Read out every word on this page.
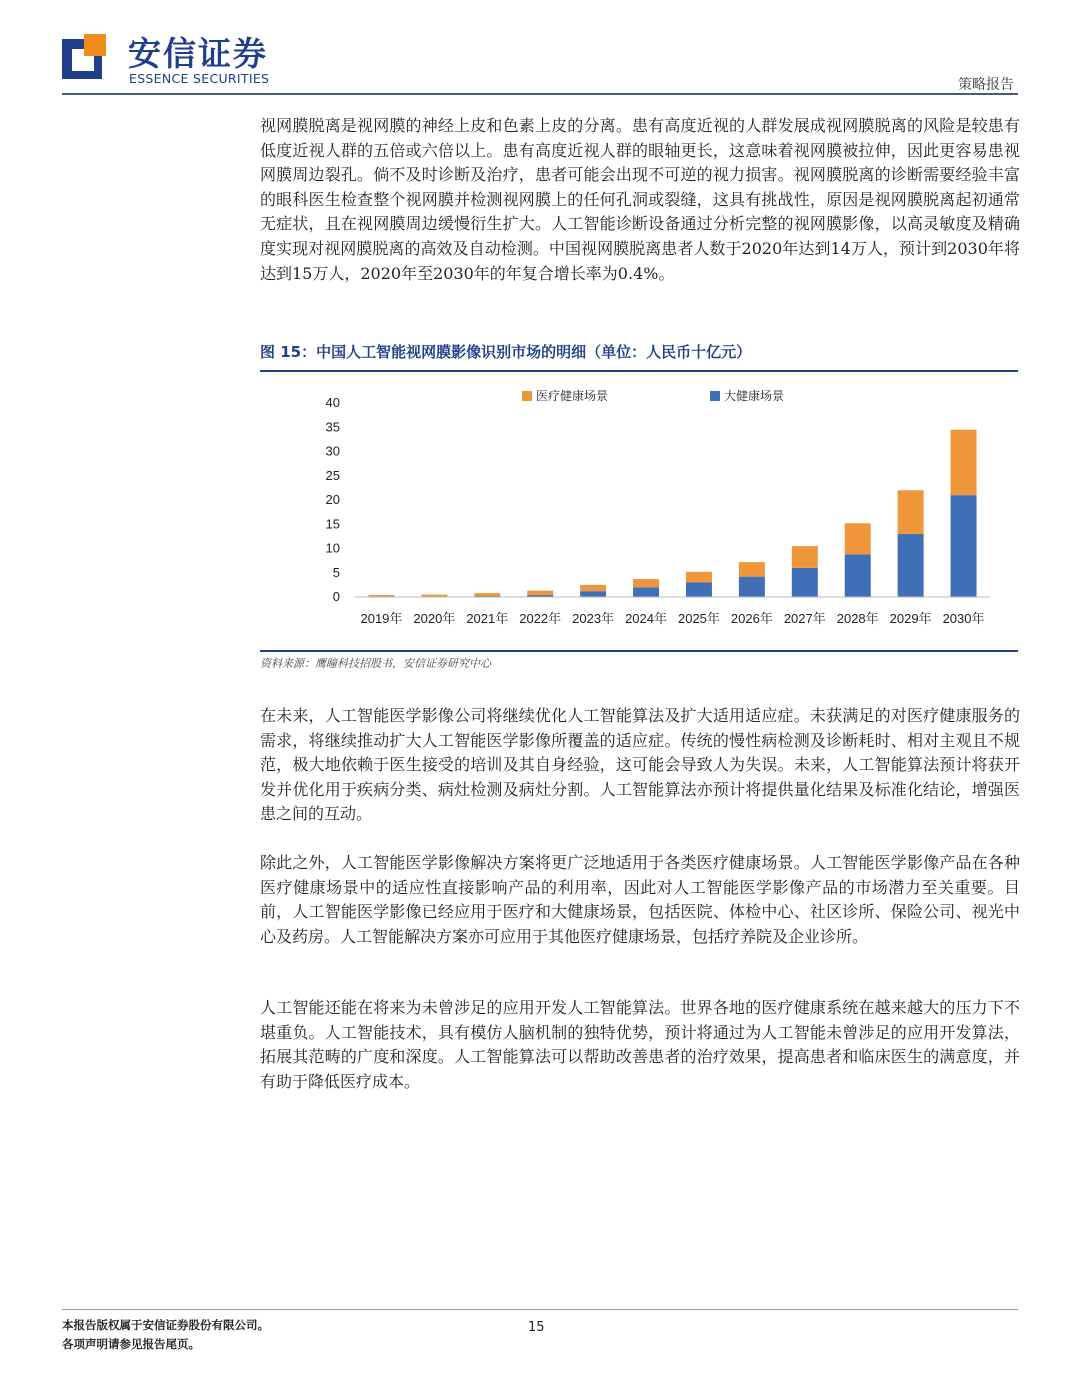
安信证券
ESSENCE SECURITIES	策略报告

视网膜脱离是视网膜的神经上皮和色素上皮的分离。患有高度近视的人群发展成视网膜脱离的风险是较患有低度近视人群的五倍或六倍以上。患有高度近视人群的眼轴更长，这意味着视网膜被拉伸，因此更容易患视网膜周边裂孔。倘不及时诊断及治疗，患者可能会出现不可逆的视力损害。视网膜脱离的诊断需要经验丰富的眼科医生检查整个视网膜并检测视网膜上的任何孔洞或裂缝，这具有挑战性，原因是视网膜脱离起初通常无症状，且在视网膜周边缓慢衍生扩大。人工智能诊断设备通过分析完整的视网膜影像，以高灵敏度及精确度实现对视网膜脱离的高效及自动检测。中国视网膜脱离患者人数于2020年达到14万人，预计到2030年将达到15万人，2020年至2030年的年复合增长率为0.4%。

图 15：中国人工智能视网膜影像识别市场的明细（单位：人民币十亿元）
0
5
10
15
20
25
30
35
40
2019年 2020年 2021年 2022年 2023年 2024年 2025年 2026年 2027年 2028年 2029年 2030年
医疗健康场景	大健康场景
资料来源：鹰瞳科技招股书，安信证券研究中心

在未来，人工智能医学影像公司将继续优化人工智能算法及扩大适用适应症。未获满足的对医疗健康服务的需求，将继续推动扩大人工智能医学影像所覆盖的适应症。传统的慢性病检测及诊断耗时、相对主观且不规范，极大地依赖于医生接受的培训及其自身经验，这可能会导致人为失误。未来，人工智能算法预计将获开发并优化用于疾病分类、病灶检测及病灶分割。人工智能算法亦预计将提供量化结果及标准化结论，增强医患之间的互动。

除此之外，人工智能医学影像解决方案将更广泛地适用于各类医疗健康场景。人工智能医学影像产品在各种医疗健康场景中的适应性直接影响产品的利用率，因此对人工智能医学影像产品的市场潜力至关重要。目前，人工智能医学影像已经应用于医疗和大健康场景，包括医院、体检中心、社区诊所、保险公司、视光中心及药房。人工智能解决方案亦可应用于其他医疗健康场景，包括疗养院及企业诊所。

人工智能还能在将来为未曾涉足的应用开发人工智能算法。世界各地的医疗健康系统在越来越大的压力下不堪重负。人工智能技术，具有模仿人脑机制的独特优势，预计将通过为人工智能未曾涉足的应用开发算法，拓展其范畴的广度和深度。人工智能算法可以帮助改善患者的治疗效果，提高患者和临床医生的满意度，并有助于降低医疗成本。

本报告版权属于安信证券股份有限公司。
各项声明请参见报告尾页。
15
